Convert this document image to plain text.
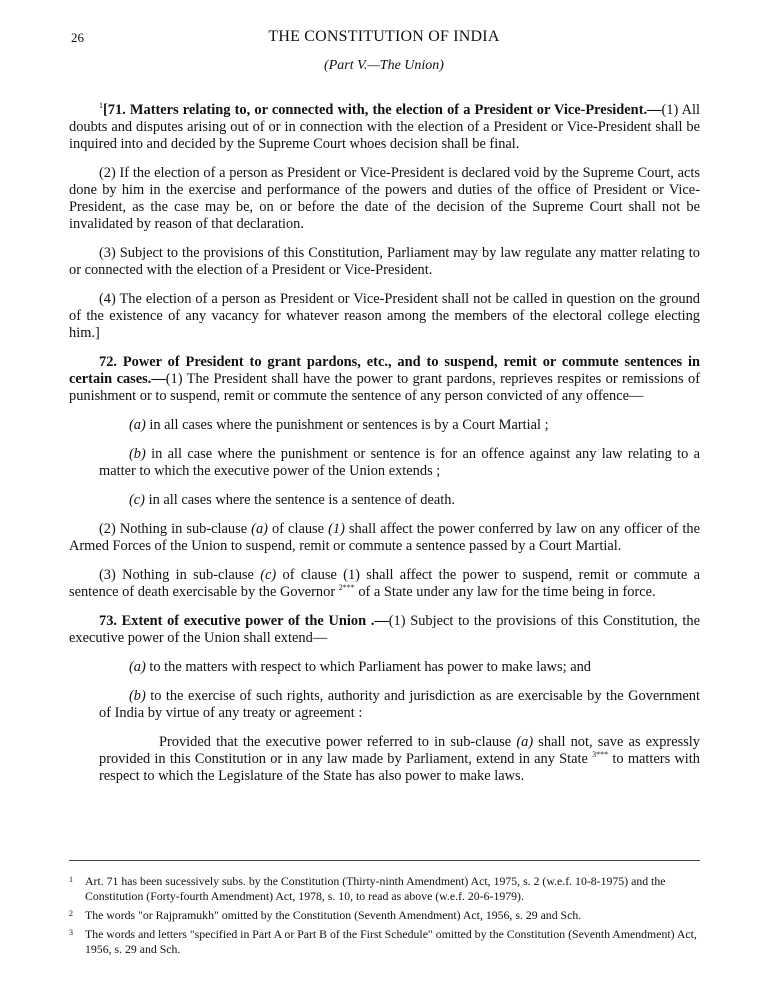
26	THE CONSTITUTION OF INDIA
(Part V.—The Union)

$^1$[71. Matters relating to, or connected with, the election of a President or Vice-President.—(1) All doubts and disputes arising out of or in connection with the election of a President or Vice-President shall be inquired into and decided by the Supreme Court whoes decision shall be final.

(2) If the election of a person as President or Vice-President is declared void by the Supreme Court, acts done by him in the exercise and performance of the powers and duties of the office of President or Vice-President, as the case may be, on or before the date of the decision of the Supreme Court shall not be invalidated by reason of that declaration.

(3) Subject to the provisions of this Constitution, Parliament may by law regulate any matter relating to or connected with the election of a President or Vice-President.

(4) The election of a person as President or Vice-President shall not be called in question on the ground of the existence of any vacancy for whatever reason among the members of the electoral college electing him.]

72. Power of President to grant pardons, etc., and to suspend, remit or commute sentences in certain cases.—(1) The President shall have the power to grant pardons, reprieves respites or remissions of punishment or to suspend, remit or commute the sentence of any person convicted of any offence—

(a) in all cases where the punishment or sentences is by a Court Martial ;

(b) in all case where the punishment or sentence is for an offence against any law relating to a matter to which the executive power of the Union extends ;

(c) in all cases where the sentence is a sentence of death.

(2) Nothing in sub-clause (a) of clause (1) shall affect the power conferred by law on any officer of the Armed Forces of the Union to suspend, remit or commute a sentence passed by a Court Martial.

(3) Nothing in sub-clause (c) of clause (1) shall affect the power to suspend, remit or commute a sentence of death exercisable by the Governor $^{2***}$ of a State under any law for the time being in force.

73. Extent of executive power of the Union .—(1) Subject to the provisions of this Constitution, the executive power of the Union shall extend—

(a) to the matters with respect to which Parliament has power to make laws; and

(b) to the exercise of such rights, authority and jurisdiction as are exercisable by the Government of India by virtue of any treaty or agreement :

Provided that the executive power referred to in sub-clause (a) shall not, save as expressly provided in this Constitution or in any law made by Parliament, extend in any State $^{3***}$ to matters with respect to which the Legislature of the State has also power to make laws.

1 Art. 71 has been sucessively subs. by the Constitution (Thirty-ninth Amendment) Act, 1975, s. 2 (w.e.f. 10-8-1975) and the Constitution (Forty-fourth Amendment) Act, 1978, s. 10, to read as above (w.e.f. 20-6-1979).
2 The words "or Rajpramukh" omitted by the Constitution (Seventh Amendment) Act, 1956, s. 29 and Sch.
3 The words and letters "specified in Part A or Part B of the First Schedule" omitted by the Constitution (Seventh Amendment) Act, 1956, s. 29 and Sch.
